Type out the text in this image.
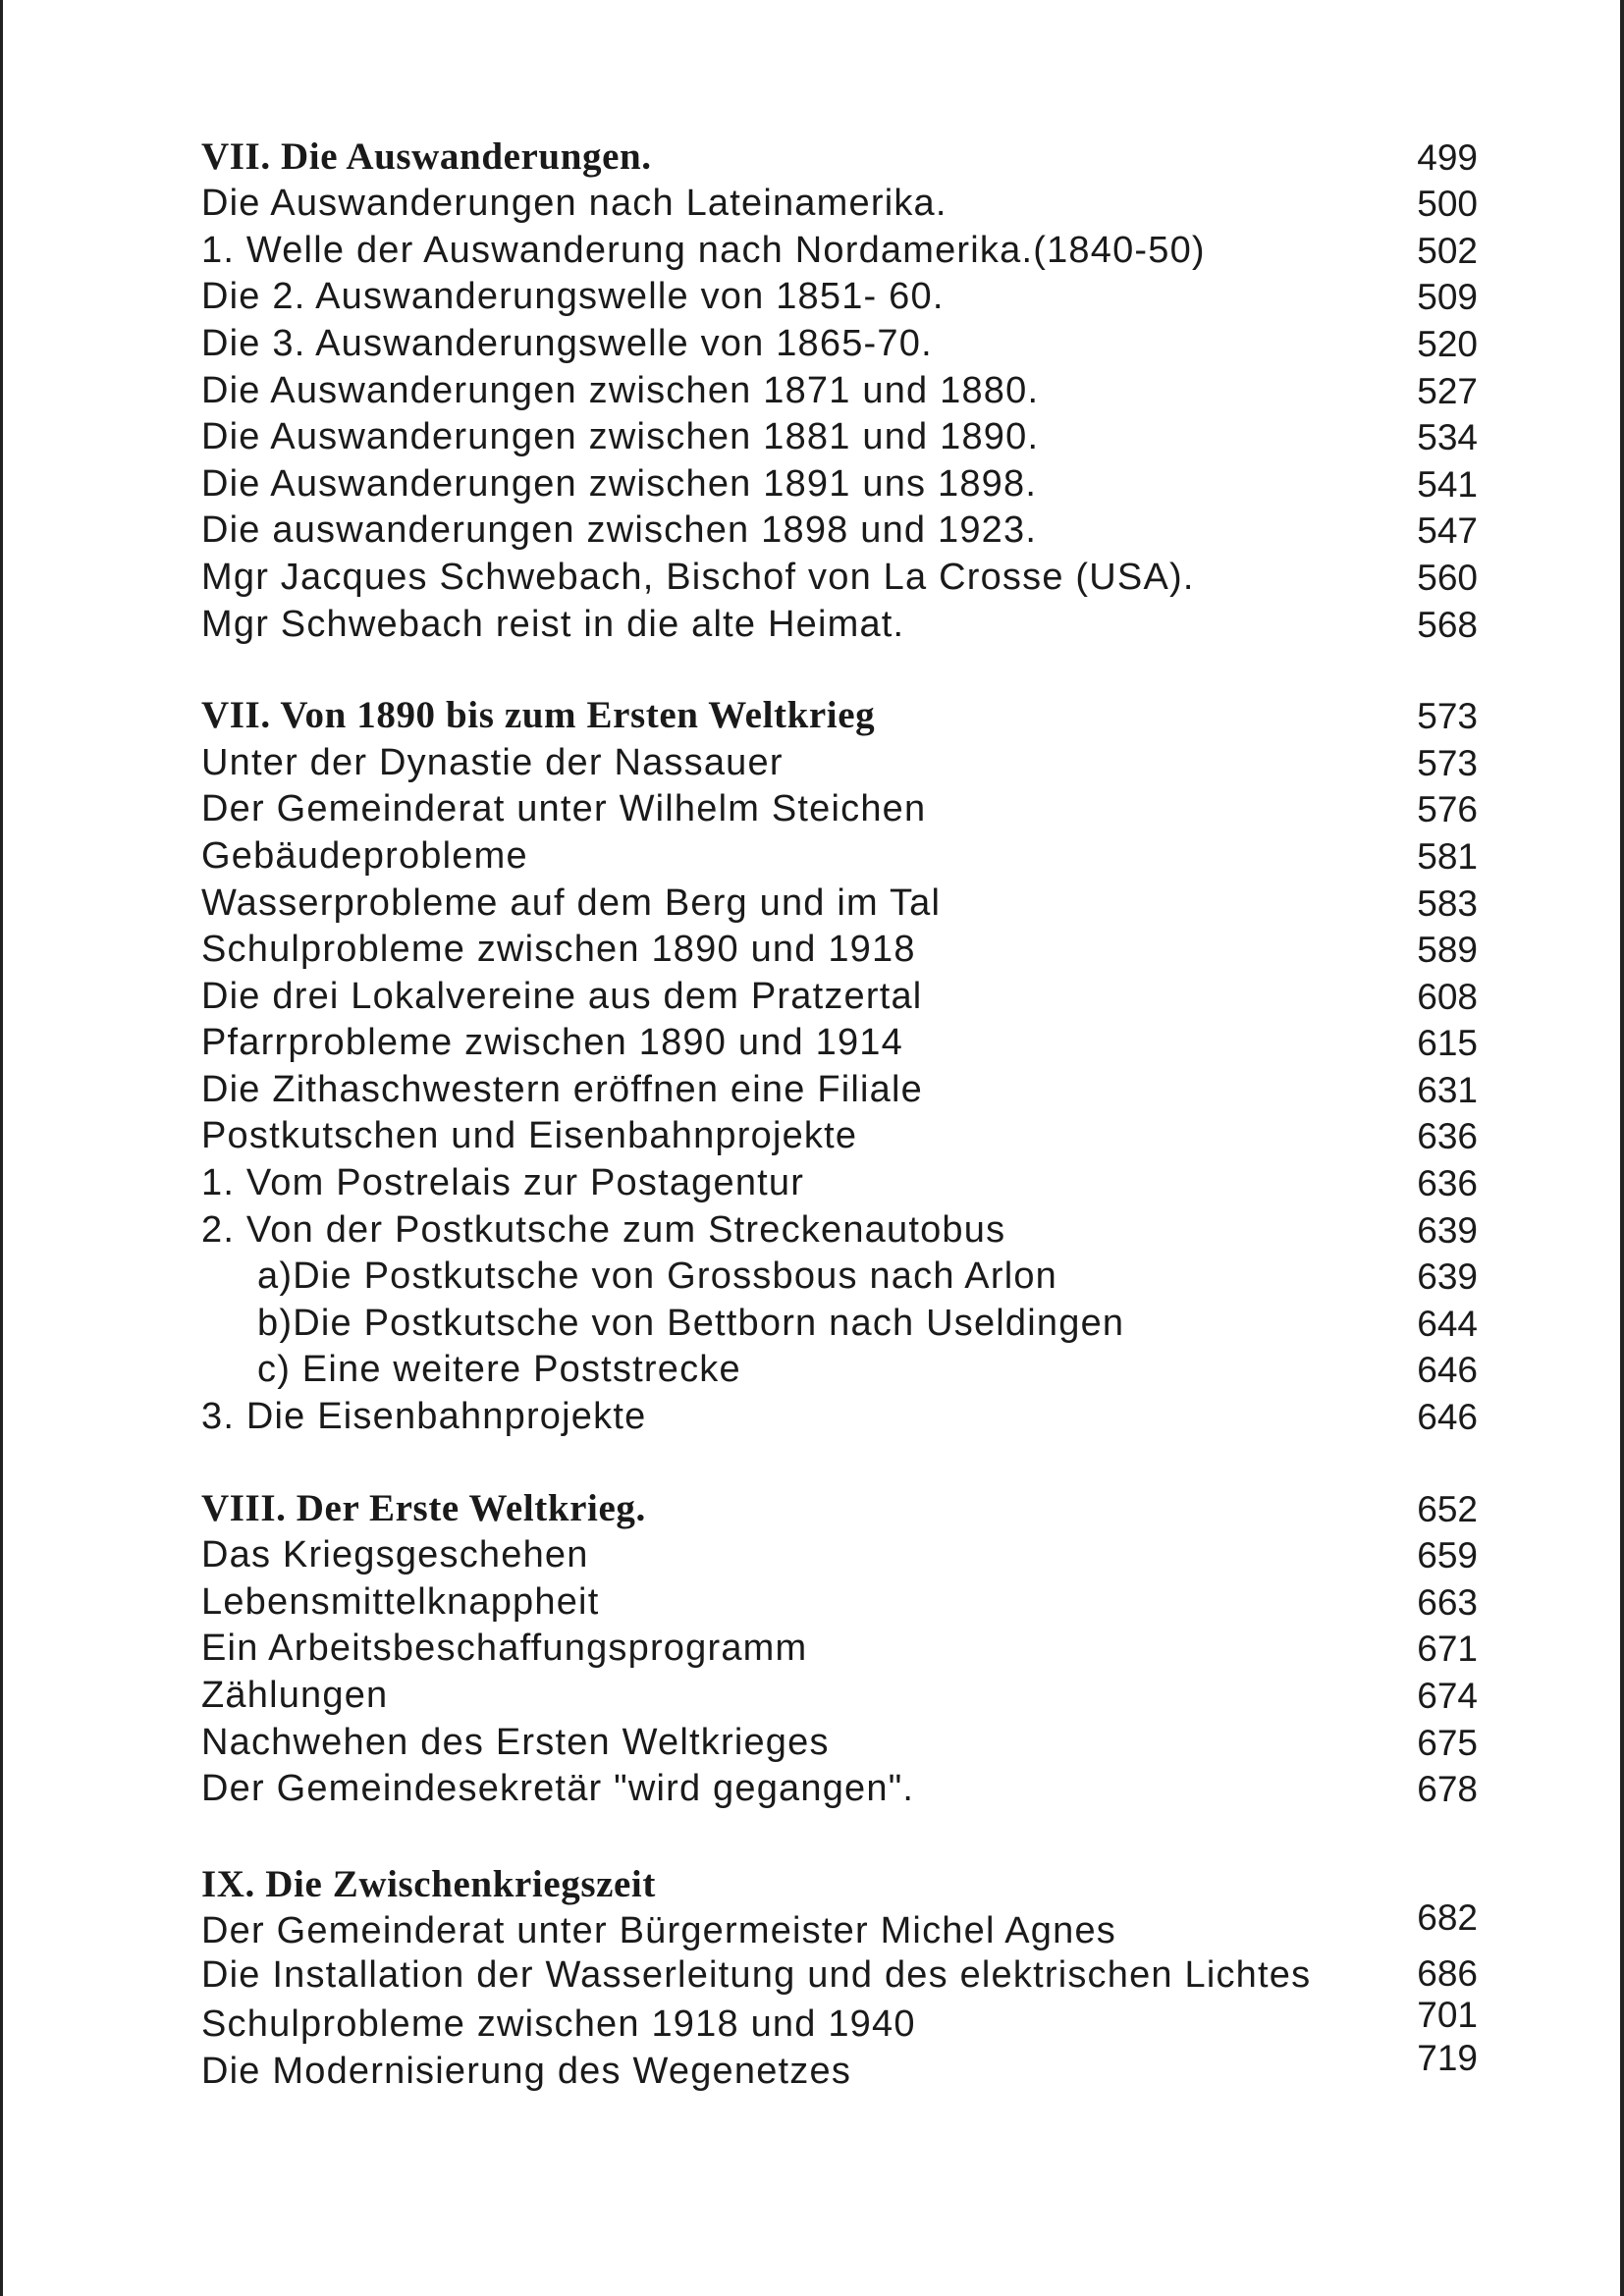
VII. Die Auswanderungen.	499
Die Auswanderungen nach Lateinamerika.	500
1. Welle der Auswanderung nach Nordamerika.(1840-50)	502
Die 2. Auswanderungswelle von 1851- 60.	509
Die 3. Auswanderungswelle von 1865-70.	520
Die Auswanderungen zwischen 1871 und 1880.	527
Die Auswanderungen zwischen 1881 und 1890.	534
Die Auswanderungen zwischen 1891 uns 1898.	541
Die auswanderungen zwischen 1898 und 1923.	547
Mgr Jacques Schwebach, Bischof von La Crosse (USA).	560
Mgr Schwebach reist in die alte Heimat.	568
VII. Von 1890 bis zum Ersten Weltkrieg	573
Unter der Dynastie der Nassauer	573
Der Gemeinderat unter Wilhelm Steichen	576
Gebäudeprobleme	581
Wasserprobleme auf dem Berg und im Tal	583
Schulprobleme zwischen 1890 und 1918	589
Die drei Lokalvereine aus dem Pratzertal	608
Pfarrprobleme zwischen 1890 und 1914	615
Die Zithaschwestern eröffnen eine Filiale	631
Postkutschen und Eisenbahnprojekte	636
1. Vom Postrelais zur Postagentur	636
2. Von der Postkutsche zum Streckenautobus	639
a)Die Postkutsche von Grossbous nach Arlon	639
b)Die Postkutsche von Bettborn nach Useldingen	644
c) Eine weitere Poststrecke	646
3. Die Eisenbahnprojekte	646
VIII. Der Erste Weltkrieg.	652
Das Kriegsgeschehen	659
Lebensmittelknappheit	663
Ein Arbeitsbeschaffungsprogramm	671
Zählungen	674
Nachwehen des Ersten Weltkrieges	675
Der Gemeindesekretär "wird gegangen".	678
IX. Die Zwischenkriegszeit
Der Gemeinderat unter Bürgermeister Michel Agnes	682
Die Installation der Wasserleitung und des elektrischen Lichtes	686
Schulprobleme zwischen 1918 und 1940	701
Die Modernisierung des Wegenetzes	719
